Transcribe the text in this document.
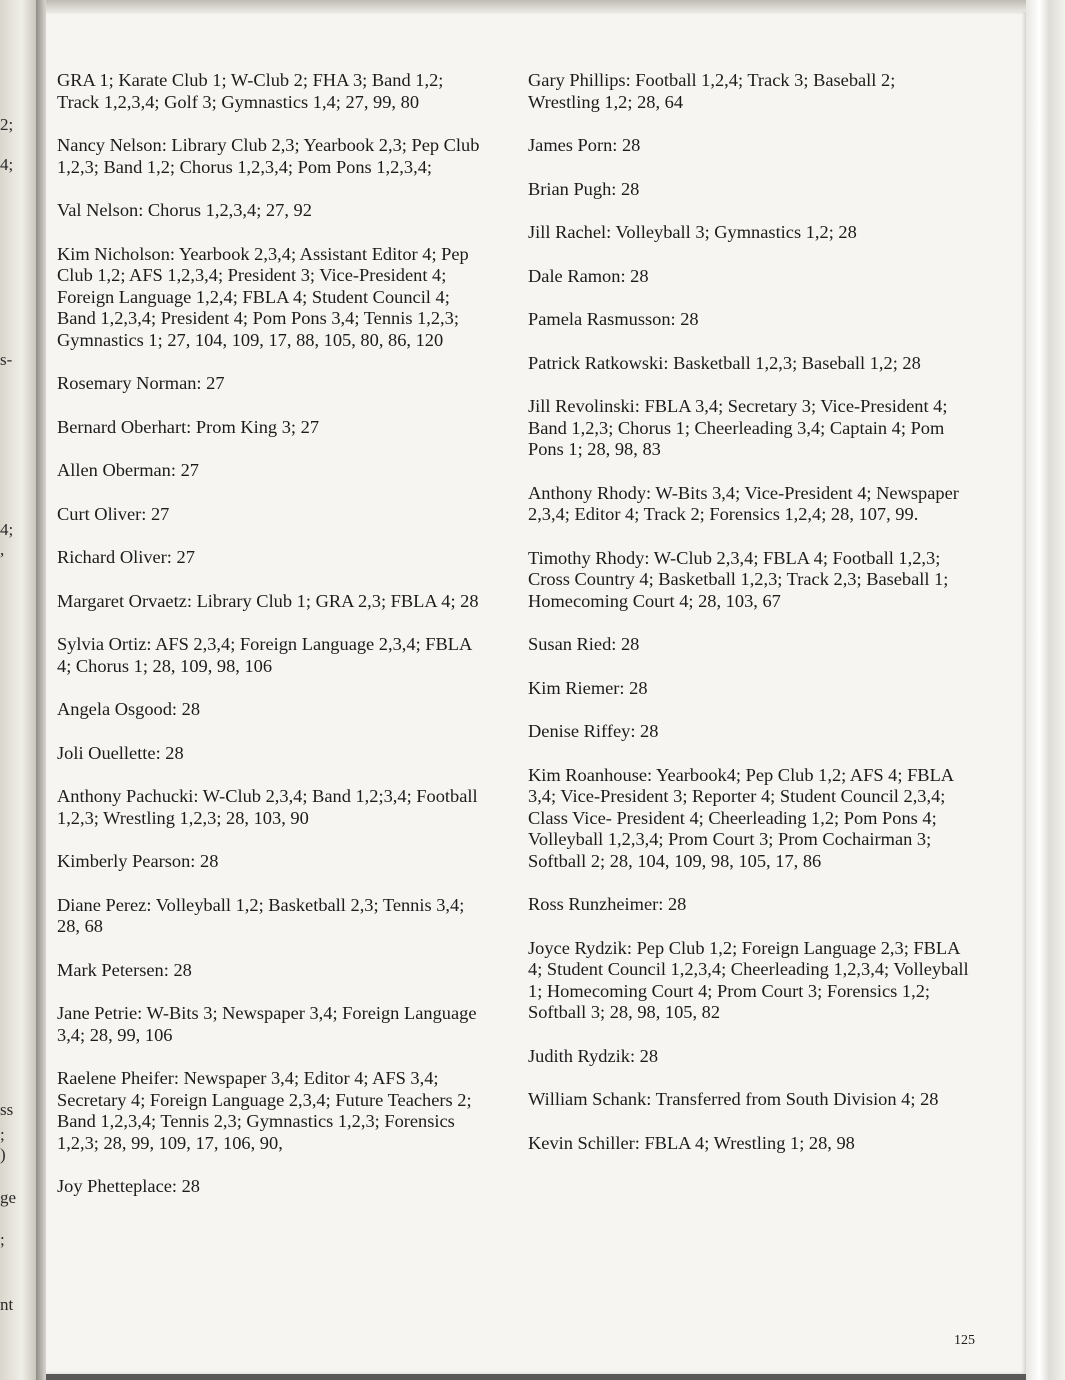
2;
4;
s-
4;
,
ss
;
)
ge
;
nt

GRA 1; Karate Club 1; W-Club 2; FHA 3; Band 1,2; Track 1,2,3,4; Golf 3; Gymnastics 1,4; 27, 99, 80

Nancy Nelson: Library Club 2,3; Yearbook 2,3; Pep Club 1,2,3; Band 1,2; Chorus 1,2,3,4; Pom Pons 1,2,3,4;

Val Nelson: Chorus 1,2,3,4; 27, 92

Kim Nicholson: Yearbook 2,3,4; Assistant Editor 4; Pep Club 1,2; AFS 1,2,3,4; President 3; Vice-President 4; Foreign Language 1,2,4; FBLA 4; Student Council 4; Band 1,2,3,4; President 4; Pom Pons 3,4; Tennis 1,2,3; Gymnastics 1; 27, 104, 109, 17, 88, 105, 80, 86, 120

Rosemary Norman: 27

Bernard Oberhart: Prom King 3; 27

Allen Oberman: 27

Curt Oliver: 27

Richard Oliver: 27

Margaret Orvaetz: Library Club 1; GRA 2,3; FBLA 4; 28

Sylvia Ortiz: AFS 2,3,4; Foreign Language 2,3,4; FBLA 4; Chorus 1; 28, 109, 98, 106

Angela Osgood: 28

Joli Ouellette: 28

Anthony Pachucki: W-Club 2,3,4; Band 1,2;3,4; Football 1,2,3; Wrestling 1,2,3; 28, 103, 90

Kimberly Pearson: 28

Diane Perez: Volleyball 1,2; Basketball 2,3; Tennis 3,4; 28, 68

Mark Petersen: 28

Jane Petrie: W-Bits 3; Newspaper 3,4; Foreign Language 3,4; 28, 99, 106

Raelene Pheifer: Newspaper 3,4; Editor 4; AFS 3,4; Secretary 4; Foreign Language 2,3,4; Future Teachers 2; Band 1,2,3,4; Tennis 2,3; Gymnastics 1,2,3; Forensics 1,2,3; 28, 99, 109, 17, 106, 90,

Joy Phetteplace: 28

Gary Phillips: Football 1,2,4; Track 3; Baseball 2; Wrestling 1,2; 28, 64

James Porn: 28

Brian Pugh: 28

Jill Rachel: Volleyball 3; Gymnastics 1,2; 28

Dale Ramon: 28

Pamela Rasmusson: 28

Patrick Ratkowski: Basketball 1,2,3; Baseball 1,2; 28

Jill Revolinski: FBLA 3,4; Secretary 3; Vice-President 4; Band 1,2,3; Chorus 1; Cheerleading 3,4; Captain 4; Pom Pons 1; 28, 98, 83

Anthony Rhody: W-Bits 3,4; Vice-President 4; Newspaper 2,3,4; Editor 4; Track 2; Forensics 1,2,4; 28, 107, 99.

Timothy Rhody: W-Club 2,3,4; FBLA 4; Football 1,2,3; Cross Country 4; Basketball 1,2,3; Track 2,3; Baseball 1; Homecoming Court 4; 28, 103, 67

Susan Ried: 28

Kim Riemer: 28

Denise Riffey: 28

Kim Roanhouse: Yearbook4; Pep Club 1,2; AFS 4; FBLA 3,4; Vice-President 3; Reporter 4; Student Council 2,3,4; Class Vice- President 4; Cheerleading 1,2; Pom Pons 4; Volleyball 1,2,3,4; Prom Court 3; Prom Cochairman 3; Softball 2; 28, 104, 109, 98, 105, 17, 86

Ross Runzheimer: 28

Joyce Rydzik: Pep Club 1,2; Foreign Language 2,3; FBLA 4; Student Council 1,2,3,4; Cheerleading 1,2,3,4; Volleyball 1; Homecoming Court 4; Prom Court 3; Forensics 1,2; Softball 3; 28, 98, 105, 82

Judith Rydzik: 28

William Schank: Transferred from South Division 4; 28

Kevin Schiller: FBLA 4; Wrestling 1; 28, 98

125
